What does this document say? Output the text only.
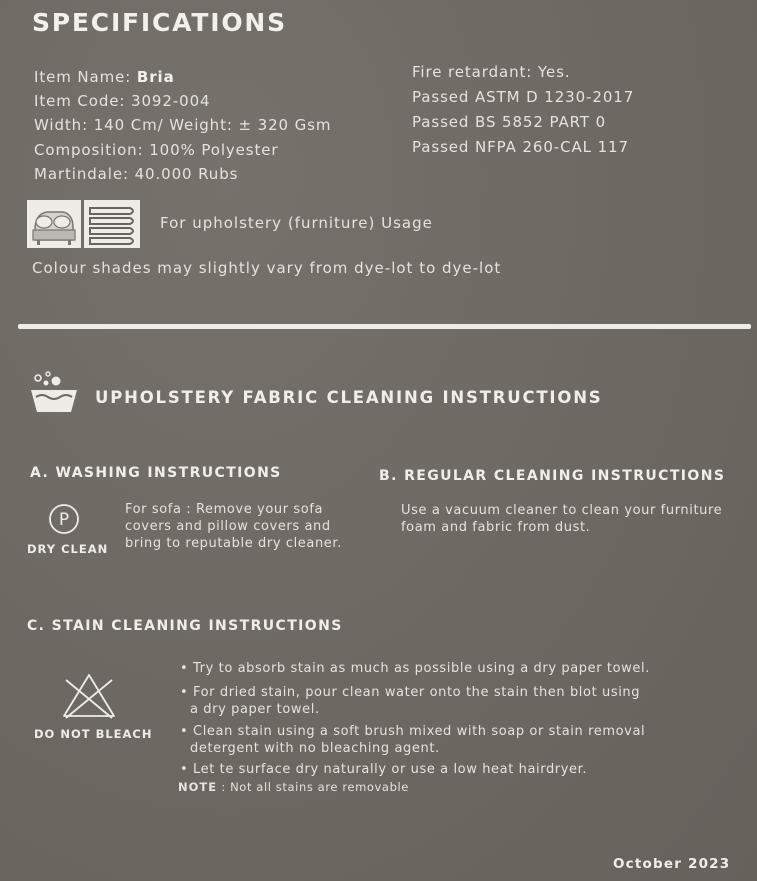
SPECIFICATIONS
Item Name: Bria
Item Code: 3092-004
Width: 140 Cm/ Weight: ± 320 Gsm
Composition: 100% Polyester
Martindale: 40.000 Rubs
Fire retardant: Yes.
Passed ASTM D 1230-2017
Passed BS 5852 PART 0
Passed NFPA 260-CAL 117
For upholstery (furniture) Usage
Colour shades may slightly vary from dye-lot to dye-lot
UPHOLSTERY FABRIC CLEANING INSTRUCTIONS
A. WASHING INSTRUCTIONS
P
DRY CLEAN
For sofa : Remove your sofa
covers and pillow covers and
bring to reputable dry cleaner.
B. REGULAR CLEANING INSTRUCTIONS
Use a vacuum cleaner to clean your furniture
foam and fabric from dust.
C. STAIN CLEANING INSTRUCTIONS
DO NOT BLEACH
• Try to absorb stain as much as possible using a dry paper towel.
• For dried stain, pour clean water onto the stain then blot using
a dry paper towel.
• Clean stain using a soft brush mixed with soap or stain removal
detergent with no bleaching agent.
• Let te surface dry naturally or use a low heat hairdryer.
NOTE : Not all stains are removable
October 2023
